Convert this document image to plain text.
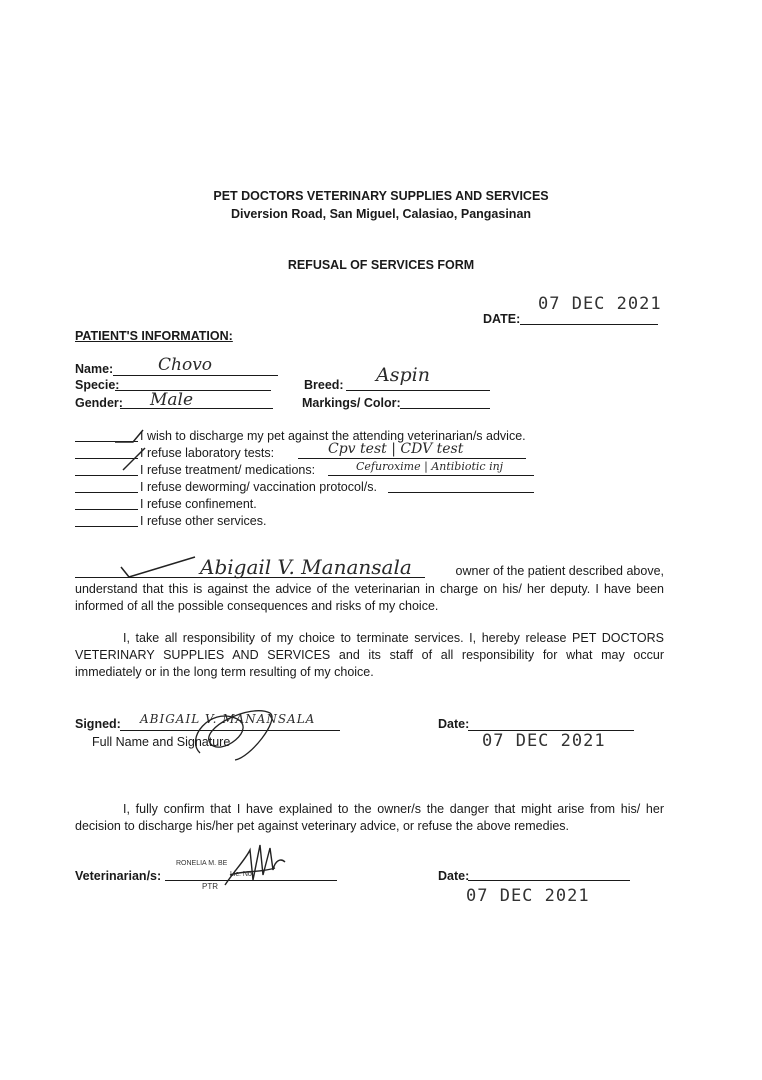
PET DOCTORS VETERINARY SUPPLIES AND SERVICES
Diversion Road, San Miguel, Calasiao, Pangasinan
REFUSAL OF SERVICES FORM
07 DEC 2021
DATE:
PATIENT'S INFORMATION:
Name:	Chovo
Specie:
Gender: Male
Breed: Aspin
Markings/ Color:
I wish to discharge my pet against the attending veterinarian/s advice.
I refuse laboratory tests:	Cpv test | CDV test
I refuse treatment/ medications:	Cefuroxime | Antibiotic inj
I refuse deworming/ vaccination protocol/s.
I refuse confinement.
I refuse other services.
Abigail V. Manansala	owner of the patient described above,
understand that this is against the advice of the veterinarian in charge on his/ her deputy. I have been informed of all the possible consequences and risks of my choice.
I, take all responsibility of my choice to terminate services. I, hereby release PET DOCTORS VETERINARY SUPPLIES AND SERVICES and its staff of all responsibility for what may occur immediately or in the long term resulting of my choice.
Signed: ABIGAIL V. MANANSALA
Full Name and Signature
Date:
07 DEC 2021
I, fully confirm that I have explained to the owner/s the danger that might arise from his/ her decision to discharge his/her pet against veterinary advice, or refuse the above remedies.
Veterinarian/s:
RONELIA M. BE
Lic. No.
PTR
Date:
07 DEC 2021
